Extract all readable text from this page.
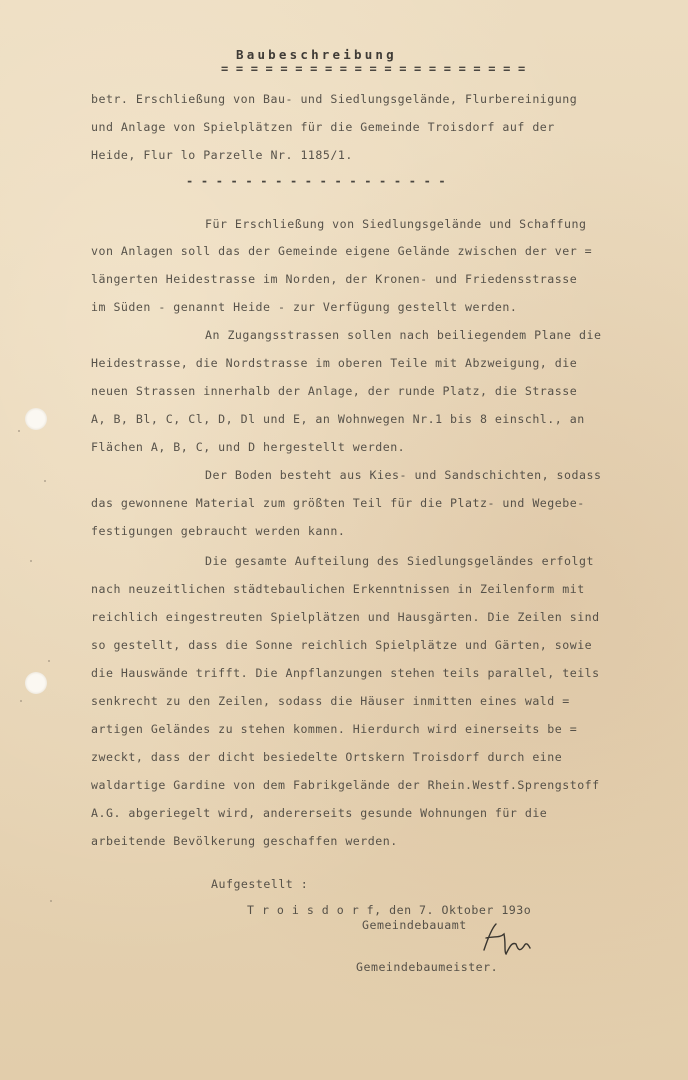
Baubeschreibung
= = = = = = = = = = = = = = = = = = = = =
betr. Erschließung von Bau- und Siedlungsgelände, Flurbereinigung
und Anlage von Spielplätzen für die Gemeinde Troisdorf auf der
Heide, Flur lo Parzelle Nr. 1185/1.
- - - - - - - - - - - - - - - - - -
Für Erschließung von Siedlungsgelände und Schaffung
von Anlagen soll das der Gemeinde eigene Gelände zwischen der ver =
längerten Heidestrasse im Norden, der Kronen- und Friedensstrasse
im Süden - genannt Heide - zur Verfügung gestellt werden.
An Zugangsstrassen sollen nach beiliegendem Plane die
Heidestrasse, die Nordstrasse im oberen Teile mit Abzweigung, die
neuen Strassen innerhalb der Anlage, der runde Platz, die Strasse
A, B, Bl, C, Cl, D, Dl und E, an Wohnwegen Nr.1 bis 8 einschl., an
Flächen A, B, C, und D hergestellt werden.
Der Boden besteht aus Kies- und Sandschichten, sodass
das gewonnene Material zum größten Teil für die Platz- und Wegebe-
festigungen gebraucht werden kann.
Die gesamte Aufteilung des Siedlungsgeländes erfolgt
nach neuzeitlichen städtebaulichen Erkenntnissen in Zeilenform mit
reichlich eingestreuten Spielplätzen und Hausgärten. Die Zeilen sind
so gestellt, dass die Sonne reichlich Spielplätze und Gärten, sowie
die Hauswände trifft. Die Anpflanzungen stehen teils parallel, teils
senkrecht zu den Zeilen, sodass die Häuser inmitten eines wald =
artigen Geländes zu stehen kommen. Hierdurch wird einerseits be =
zweckt, dass der dicht besiedelte Ortskern Troisdorf durch eine
waldartige Gardine von dem Fabrikgelände der Rhein.Westf.Sprengstoff
A.G. abgeriegelt wird, andererseits gesunde Wohnungen für die
arbeitende Bevölkerung geschaffen werden.
Aufgestellt :
T r o i s d o r f, den 7. Oktober 193o
Gemeindebauamt
Gemeindebaumeister.
